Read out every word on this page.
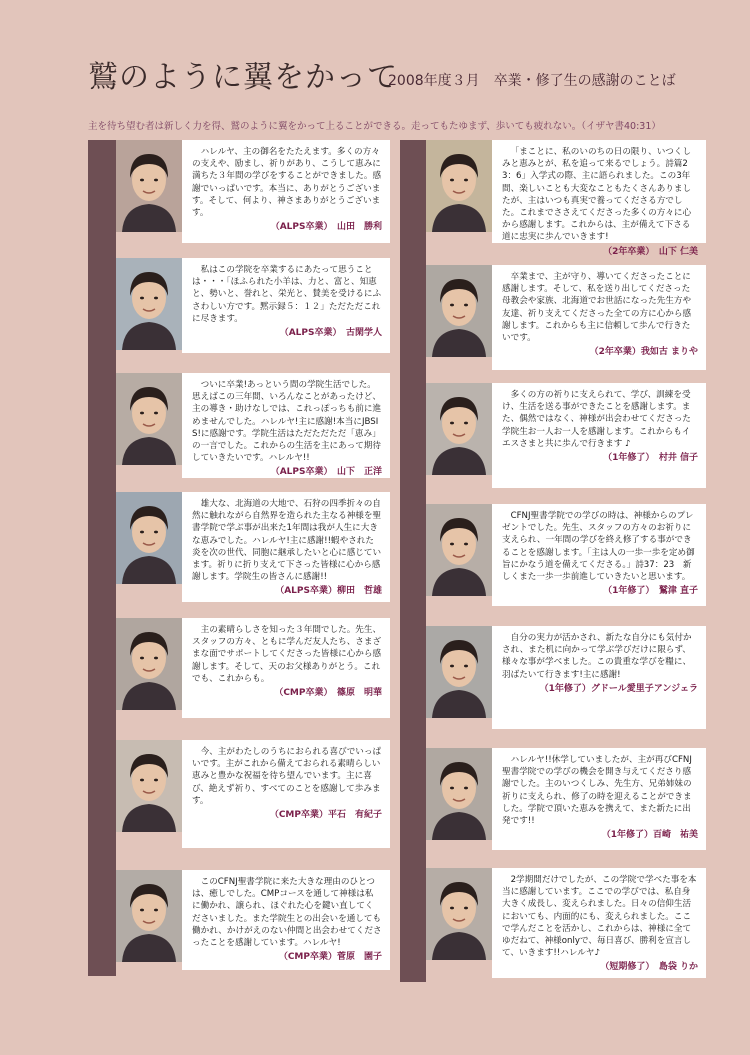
鷲のように翼をかって
2008年度３月　卒業・修了生の感謝のことば
主を待ち望む者は新しく力を得、鷲のように翼をかって上ることができる。走ってもたゆまず、歩いても疲れない。（イザヤ書40:31）
ハレルヤ、主の御名をたたえます。多くの方々の支えや、励まし、祈りがあり、こうして恵みに満ちた３年間の学びをすることができました。感謝でいっぱいです。本当に、ありがとうございます。そして、何より、神さまありがとうございます。
（ALPS卒業）　山田　勝利
私はこの学院を卒業するにあたって思うことは・・・「ほふられた小羊は、力と、富と、知恵と、勢いと、誉れと、栄光と、賛美を受けるにふさわしい方です。黙示録５：１２」ただただこれに尽きます。
（ALPS卒業）　古閑学人
ついに卒業!あっという間の学院生活でした。思えばこの三年間、いろんなことがあったけど、主の導き・助けなしでは、これっぽっちも前に進めませんでした。ハレルヤ!主に感謝!本当にJBSIS!に感謝です。学院生活はただただただ「恵み」の一言でした。これからの生活を主にあって期待していきたいです。ハレルヤ!!
（ALPS卒業）　山下　正洋
雄大な、北海道の大地で、石狩の四季折々の自然に触れながら自然界を造られた主なる神様を聖書学院で学ぶ事が出来た1年間は我が人生に大きな恵みでした。ハレルヤ!主に感謝!!蝦やされた炎を次の世代、同胞に継承したいと心に感じています。祈りに折り支えて下さった皆様に心から感謝します。学院生の皆さんに感謝!!
（ALPS卒業）柳田　哲雄
主の素晴らしさを知った３年間でした。先生、スタッフの方々、ともに学んだ友人たち、さまざまな面でサポートしてくださった皆様に心から感謝します。そして、天のお父様ありがとう。これでも、これからも。
（CMP卒業）　篠原　明華
今、主がわたしのうちにおられる喜びでいっぱいです。主がこれから備えておられる素晴らしい恵みと豊かな祝福を待ち望んでいます。主に喜び、絶えず祈り、すべてのことを感謝して歩みます。
（CMP卒業）平石　有紀子
このCFNJ聖書学院に来た大きな理由のひとつは、癒しでした。CMPコースを通して神様は私に働かれ、譲られ、ほぐれた心を鍵い直してくださいました。また学院生との出会いを通しても働かれ、かけがえのない仲間と出会わせてくださったことを感謝しています。ハレルヤ!
（CMP卒業）菅原　園子
「まことに、私のいのちの日の限り、いつくしみと恵みとが、私を追って来るでしょう。詩篇23：6」入学式の際、主に語られました。この3年間、楽しいことも大変なこともたくさんありましたが、主はいつも真実で養ってくださる方でした。これまでささえてくださった多くの方々に心から感謝します。これからは、主が備えて下さる道に忠実に歩んでいきます!
（2年卒業）　山下 仁美
卒業まで、主が守り、導いてくださったことに感謝します。そして、私を送り出してくださった母教会や家族、北海道でお世話になった先生方や友達、祈り支えてくださった全ての方に心から感謝します。これからも主に信頼して歩んで行きたいです。
（2年卒業）我如古 まりや
多くの方の祈りに支えられて、学び、訓練を受け、生活を送る事ができたことを感謝します。また、偶然ではなく、神様が出会わせてくださった学院生お一人お一人を感謝します。これからもイエスさまと共に歩んで行きます ♪
（1年修了）　村井 信子
CFNJ聖書学院での学びの時は、神様からのプレゼントでした。先生、スタッフの方々のお祈りに支えられ、一年間の学びを終え修了する事ができることを感謝します。「主は人の一歩一歩を定め御旨にかなう道を備えてくださる。」詩37：23　新しくまた一歩一歩前進していきたいと思います。
（1年修了）　鷲津 直子
自分の実力が活かされ、新たな自分にも気付かされ、また机に向かって学ぶ学びだけに限らず、様々な事が学べました。この貴重な学びを糧に、羽ばたいて行きます!主に感謝!
（1年修了）グドール愛里子アンジェラ
ハレルヤ!!休学していましたが、主が再びCFNJ聖書学院での学びの機会を開き与えてくださり感謝でした。主のいつくしみ、先生方、兄弟姉妹の祈りに支えられ、修了の時を迎えることができました。学院で頂いた恵みを携えて、また新たに出発です!!
（1年修了）百崎　祐美
2学期間だけでしたが、この学院で学べた事を本当に感謝しています。ここでの学びでは、私自身大きく成長し、変えられました。日々の信仰生活においても、内面的にも、変えられました。ここで学んだことを活かし、これからは、神様に全てゆだねて、神様onlyで、毎日喜び、勝利を宣言して、いきます!!ハレルヤ♪
（短期修了）　島袋 りか
